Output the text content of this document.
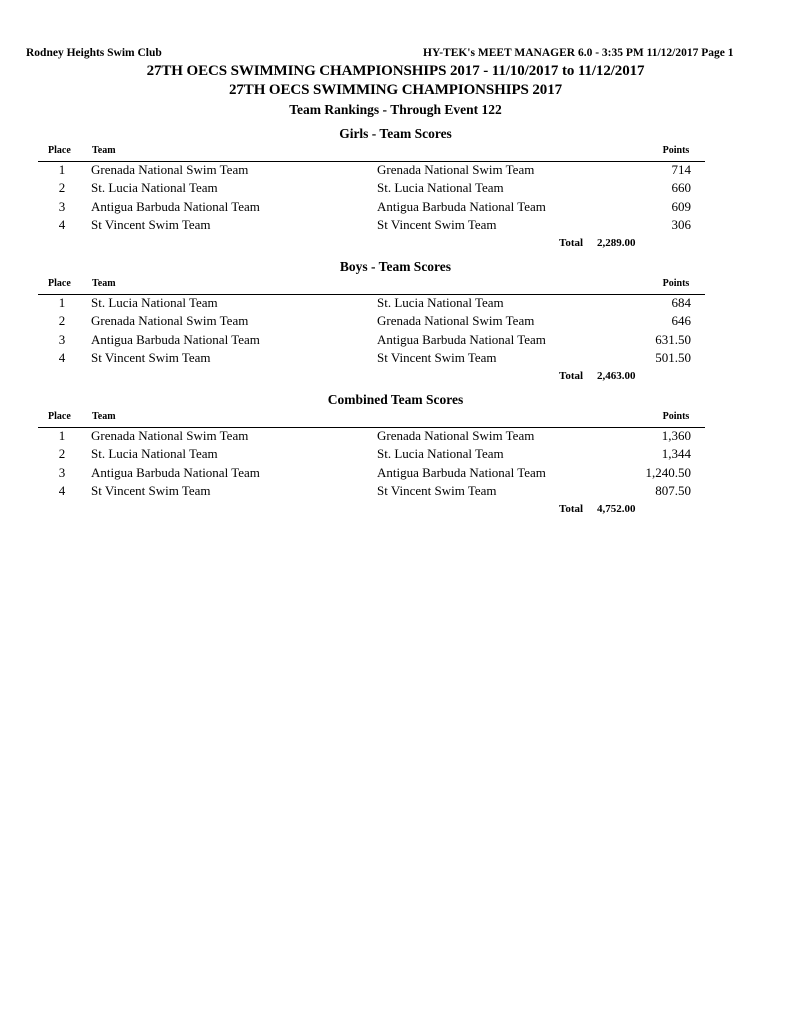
Rodney Heights Swim Club	HY-TEK's MEET MANAGER 6.0 - 3:35 PM 11/12/2017 Page 1
27TH OECS SWIMMING CHAMPIONSHIPS 2017 - 11/10/2017 to 11/12/2017
27TH OECS SWIMMING CHAMPIONSHIPS 2017
Team Rankings - Through Event 122
Girls - Team Scores
Place	Team	Points
1	Grenada National Swim Team	Grenada National Swim Team	714
2	St. Lucia National Team	St. Lucia National Team	660
3	Antigua Barbuda National Team	Antigua Barbuda National Team	609
4	St Vincent Swim Team	St Vincent Swim Team	306
Total 2,289.00
Boys - Team Scores
Place	Team	Points
1	St. Lucia National Team	St. Lucia National Team	684
2	Grenada National Swim Team	Grenada National Swim Team	646
3	Antigua Barbuda National Team	Antigua Barbuda National Team	631.50
4	St Vincent Swim Team	St Vincent Swim Team	501.50
Total 2,463.00
Combined Team Scores
Place	Team	Points
1	Grenada National Swim Team	Grenada National Swim Team	1,360
2	St. Lucia National Team	St. Lucia National Team	1,344
3	Antigua Barbuda National Team	Antigua Barbuda National Team	1,240.50
4	St Vincent Swim Team	St Vincent Swim Team	807.50
Total 4,752.00
